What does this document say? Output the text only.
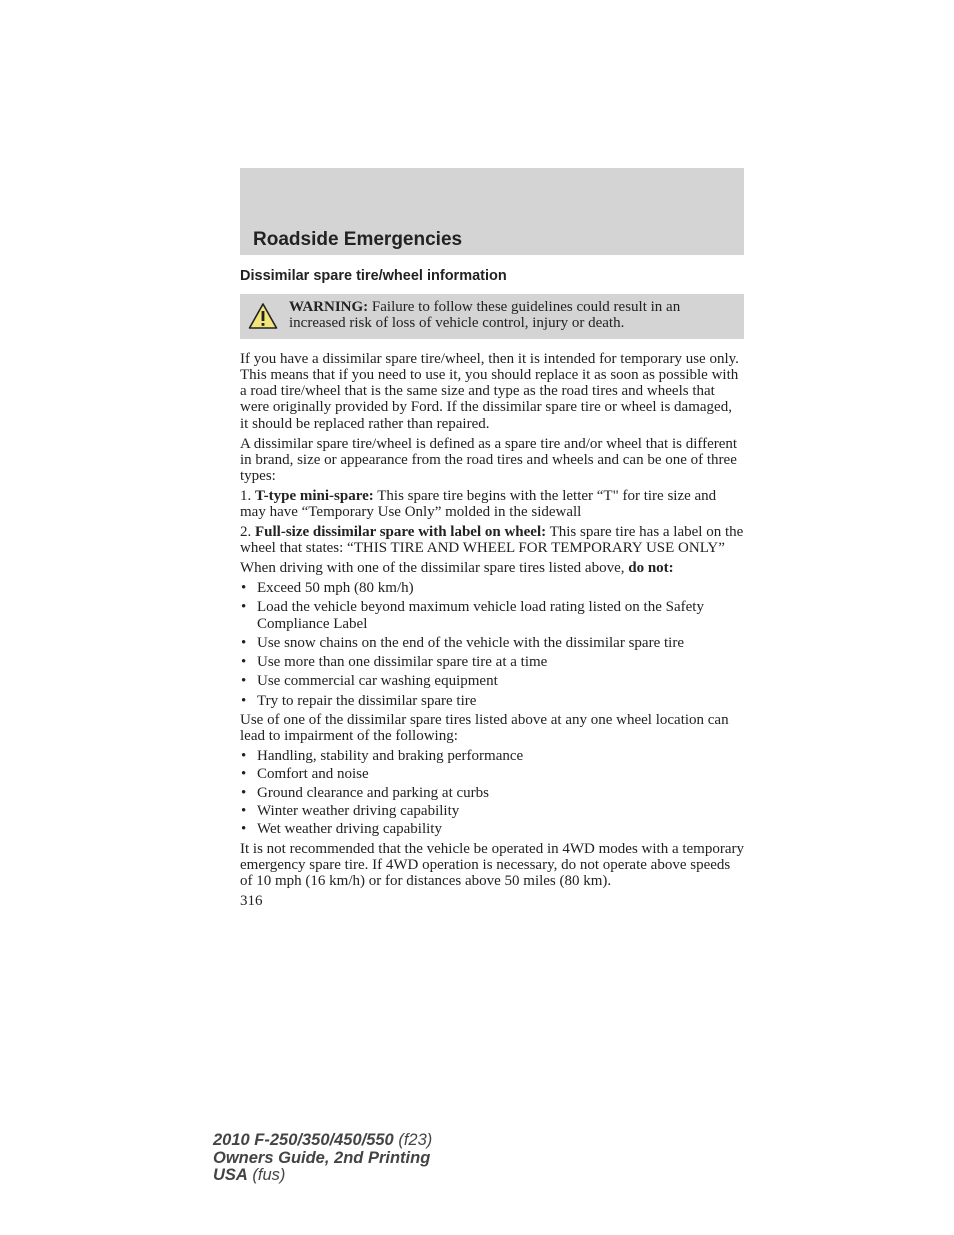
Roadside Emergencies
Dissimilar spare tire/wheel information
WARNING: Failure to follow these guidelines could result in an increased risk of loss of vehicle control, injury or death.

If you have a dissimilar spare tire/wheel, then it is intended for temporary use only. This means that if you need to use it, you should replace it as soon as possible with a road tire/wheel that is the same size and type as the road tires and wheels that were originally provided by Ford. If the dissimilar spare tire or wheel is damaged, it should be replaced rather than repaired.

A dissimilar spare tire/wheel is defined as a spare tire and/or wheel that is different in brand, size or appearance from the road tires and wheels and can be one of three types:

1. T-type mini-spare: This spare tire begins with the letter “T" for tire size and may have “Temporary Use Only” molded in the sidewall

2. Full-size dissimilar spare with label on wheel: This spare tire has a label on the wheel that states: “THIS TIRE AND WHEEL FOR TEMPORARY USE ONLY”

When driving with one of the dissimilar spare tires listed above, do not:

• Exceed 50 mph (80 km/h)
• Load the vehicle beyond maximum vehicle load rating listed on the Safety Compliance Label
• Use snow chains on the end of the vehicle with the dissimilar spare tire
• Use more than one dissimilar spare tire at a time
• Use commercial car washing equipment
• Try to repair the dissimilar spare tire

Use of one of the dissimilar spare tires listed above at any one wheel location can lead to impairment of the following:

• Handling, stability and braking performance
• Comfort and noise
• Ground clearance and parking at curbs
• Winter weather driving capability
• Wet weather driving capability

It is not recommended that the vehicle be operated in 4WD modes with a temporary emergency spare tire. If 4WD operation is necessary, do not operate above speeds of 10 mph (16 km/h) or for distances above 50 miles (80 km).

316
2010 F-250/350/450/550 (f23)
Owners Guide, 2nd Printing
USA (fus)
